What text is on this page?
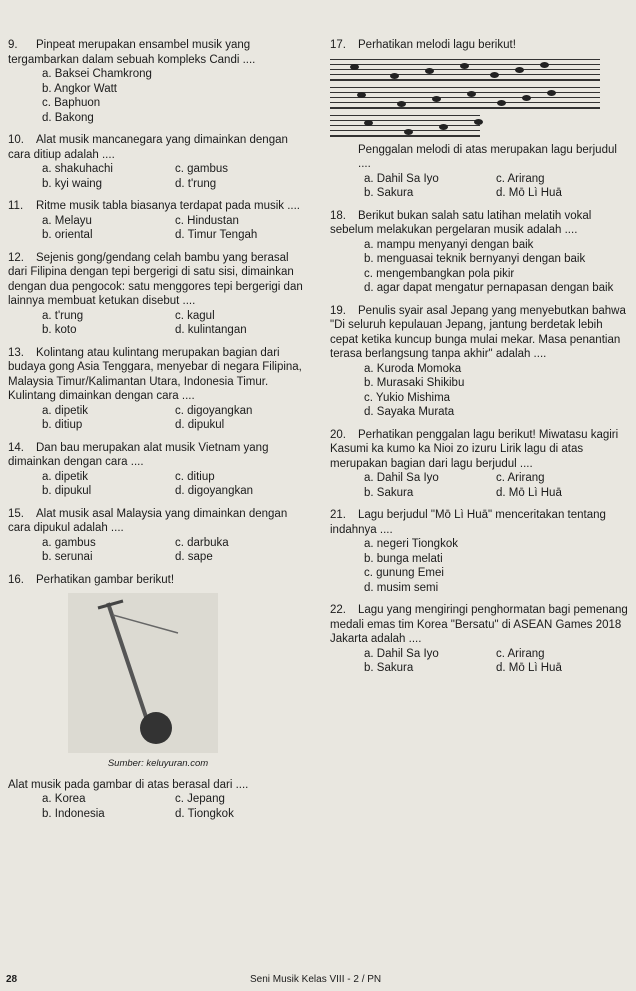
9. Pinpeat merupakan ensambel musik yang tergambarkan dalam sebuah kompleks Candi ....
a. Baksei Chamkrong
b. Angkor Watt
c. Baphuon
d. Bakong
10. Alat musik mancanegara yang dimainkan dengan cara ditiup adalah ....
a. shakuhachi	c. gambus
b. kyi waing	d. t'rung
11. Ritme musik tabla biasanya terdapat pada musik ....
a. Melayu	c. Hindustan
b. oriental	d. Timur Tengah
12. Sejenis gong/gendang celah bambu yang berasal dari Filipina dengan tepi bergerigi di satu sisi, dimainkan dengan dua pengocok: satu menggores tepi bergerigi dan lainnya membuat ketukan disebut ....
a. t'rung	c. kagul
b. koto	d. kulintangan
13. Kolintang atau kulintang merupakan bagian dari budaya gong Asia Tenggara, menyebar di negara Filipina, Malaysia Timur/Kalimantan Utara, Indonesia Timur. Kulintang dimainkan dengan cara ....
a. dipetik	c. digoyangkan
b. ditiup	d. dipukul
14. Dan bau merupakan alat musik Vietnam yang dimainkan dengan cara ....
a. dipetik	c. ditiup
b. dipukul	d. digoyangkan
15. Alat musik asal Malaysia yang dimainkan dengan cara dipukul adalah ....
a. gambus	c. darbuka
b. serunai	d. sape
16. Perhatikan gambar berikut!
Sumber: keluyuran.com
Alat musik pada gambar di atas berasal dari ....
a. Korea	c. Jepang
b. Indonesia	d. Tiongkok
17. Perhatikan melodi lagu berikut!
Penggalan melodi di atas merupakan lagu berjudul ....
a. Dahil Sa Iyo	c. Arirang
b. Sakura	d. Mō Lì Huā
18. Berikut bukan salah satu latihan melatih vokal sebelum melakukan pergelaran musik adalah ....
a. mampu menyanyi dengan baik
b. menguasai teknik bernyanyi dengan baik
c. mengembangkan pola pikir
d. agar dapat mengatur pernapasan dengan baik
19. Penulis syair asal Jepang yang menyebutkan bahwa "Di seluruh kepulauan Jepang, jantung berdetak lebih cepat ketika kuncup bunga mulai mekar. Masa penantian terasa berlangsung tanpa akhir" adalah ....
a. Kuroda Momoka
b. Murasaki Shikibu
c. Yukio Mishima
d. Sayaka Murata
20. Perhatikan penggalan lagu berikut! Miwatasu kagiri Kasumi ka kumo ka Nioi zo izuru Lirik lagu di atas merupakan bagian dari lagu berjudul ....
a. Dahil Sa Iyo	c. Arirang
b. Sakura	d. Mō Lì Huā
21. Lagu berjudul "Mō Lì Huā" menceritakan tentang indahnya ....
a. negeri Tiongkok
b. bunga melati
c. gunung Emei
d. musim semi
22. Lagu yang mengiringi penghormatan bagi pemenang medali emas tim Korea "Bersatu" di ASEAN Games 2018 Jakarta adalah ....
a. Dahil Sa Iyo	c. Arirang
b. Sakura	d. Mō Lì Huā
28	Seni Musik Kelas VIII - 2 / PN
